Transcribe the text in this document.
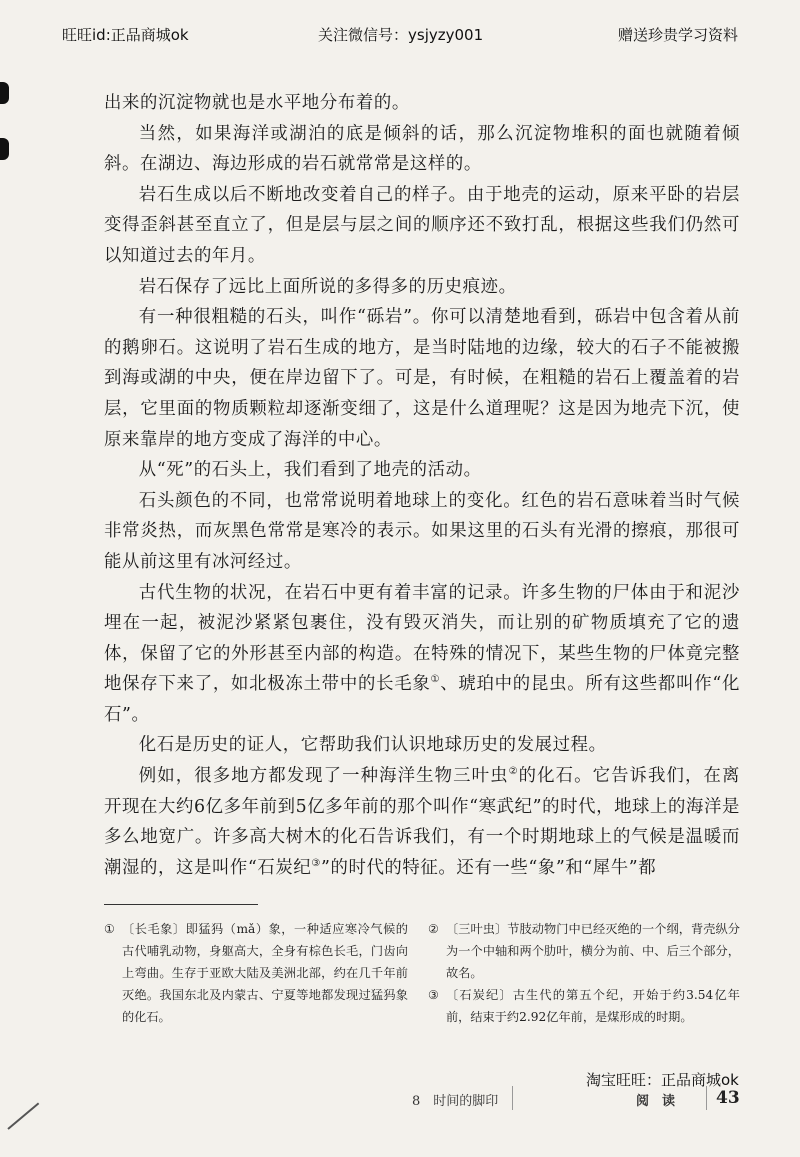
旺旺id:正品商城ok	关注微信号：ysjyzy001	赠送珍贵学习资料

出来的沉淀物就也是水平地分布着的。

当然，如果海洋或湖泊的底是倾斜的话，那么沉淀物堆积的面也就随着倾斜。在湖边、海边形成的岩石就常常是这样的。

岩石生成以后不断地改变着自己的样子。由于地壳的运动，原来平卧的岩层变得歪斜甚至直立了，但是层与层之间的顺序还不致打乱，根据这些我们仍然可以知道过去的年月。

岩石保存了远比上面所说的多得多的历史痕迹。

有一种很粗糙的石头，叫作“砾岩”。你可以清楚地看到，砾岩中包含着从前的鹅卵石。这说明了岩石生成的地方，是当时陆地的边缘，较大的石子不能被搬到海或湖的中央，便在岸边留下了。可是，有时候，在粗糙的岩石上覆盖着的岩层，它里面的物质颗粒却逐渐变细了，这是什么道理呢？这是因为地壳下沉，使原来靠岸的地方变成了海洋的中心。

从“死”的石头上，我们看到了地壳的活动。

石头颜色的不同，也常常说明着地球上的变化。红色的岩石意味着当时气候非常炎热，而灰黑色常常是寒冷的表示。如果这里的石头有光滑的擦痕，那很可能从前这里有冰河经过。

古代生物的状况，在岩石中更有着丰富的记录。许多生物的尸体由于和泥沙埋在一起，被泥沙紧紧包裹住，没有毁灭消失，而让别的矿物质填充了它的遗体，保留了它的外形甚至内部的构造。在特殊的情况下，某些生物的尸体竟完整地保存下来了，如北极冻土带中的长毛象①、琥珀中的昆虫。所有这些都叫作“化石”。

化石是历史的证人，它帮助我们认识地球历史的发展过程。

例如，很多地方都发现了一种海洋生物三叶虫②的化石。它告诉我们，在离开现在大约6亿多年前到5亿多年前的那个叫作“寒武纪”的时代，地球上的海洋是多么地宽广。许多高大树木的化石告诉我们，有一个时期地球上的气候是温暖而潮湿的，这是叫作“石炭纪③”的时代的特征。还有一些“象”和“犀牛”都

① 〔长毛象〕即猛犸（mǎ）象，一种适应寒冷气候的古代哺乳动物，身躯高大，全身有棕色长毛，门齿向上弯曲。生存于亚欧大陆及美洲北部，约在几千年前灭绝。我国东北及内蒙古、宁夏等地都发现过猛犸象的化石。
② 〔三叶虫〕节肢动物门中已经灭绝的一个纲，背壳纵分为一个中轴和两个肋叶，横分为前、中、后三个部分，故名。
③ 〔石炭纪〕古生代的第五个纪，开始于约3.54亿年前，结束于约2.92亿年前，是煤形成的时期。
淘宝旺旺：正品商城ok
8　时间的脚印	阅　读 43
